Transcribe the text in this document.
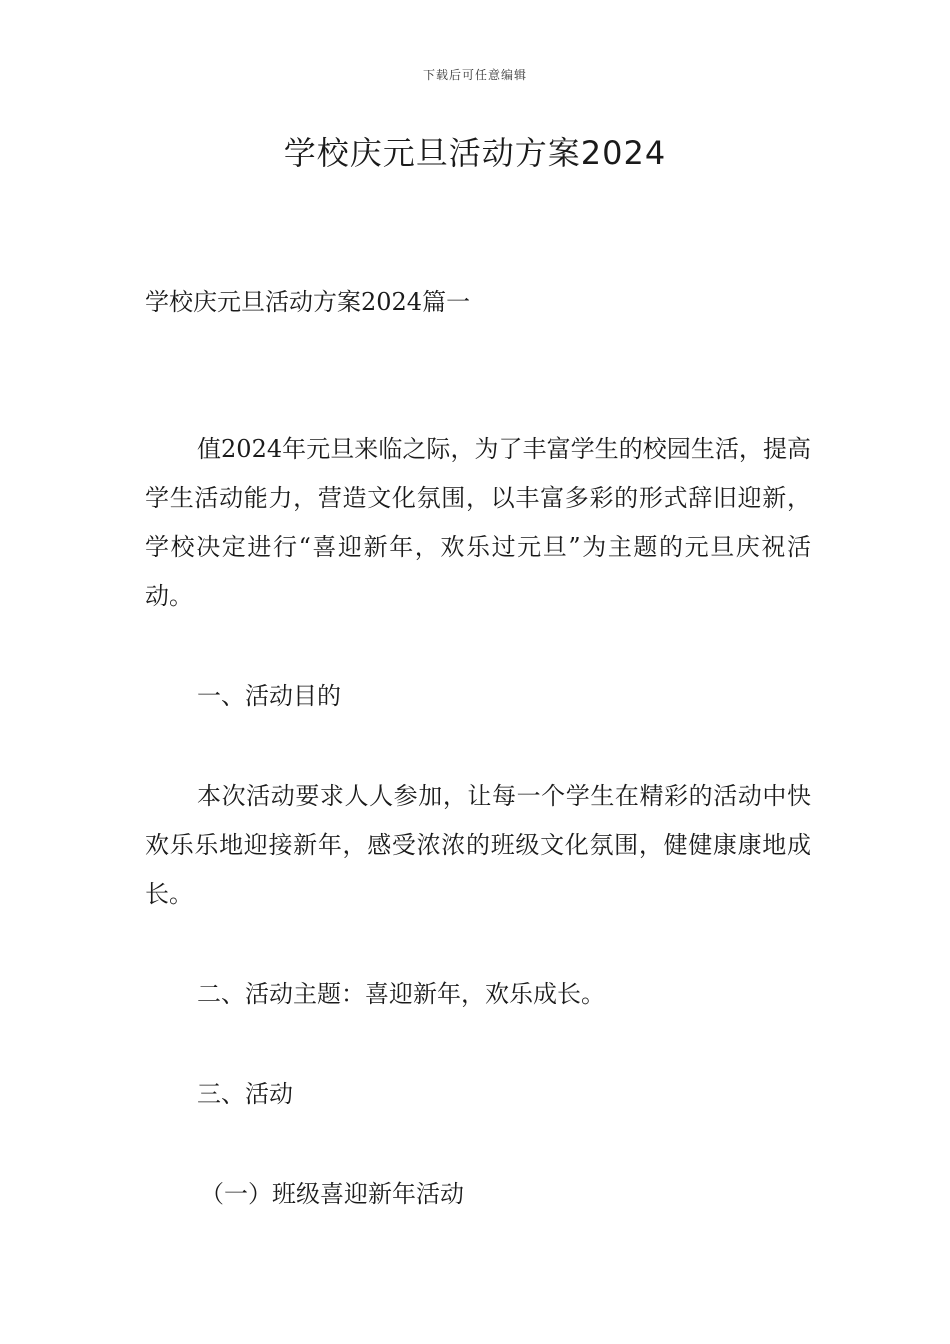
下载后可任意编辑
学校庆元旦活动方案2024

学校庆元旦活动方案2024篇一

值2024年元旦来临之际，为了丰富学生的校园生活，提高学生活动能力，营造文化氛围，以丰富多彩的形式辞旧迎新，学校决定进行“喜迎新年，欢乐过元旦”为主题的元旦庆祝活动。

一、活动目的

本次活动要求人人参加，让每一个学生在精彩的活动中快欢乐乐地迎接新年，感受浓浓的班级文化氛围，健健康康地成长。

二、活动主题：喜迎新年，欢乐成长。

三、活动

（一）班级喜迎新年活动
